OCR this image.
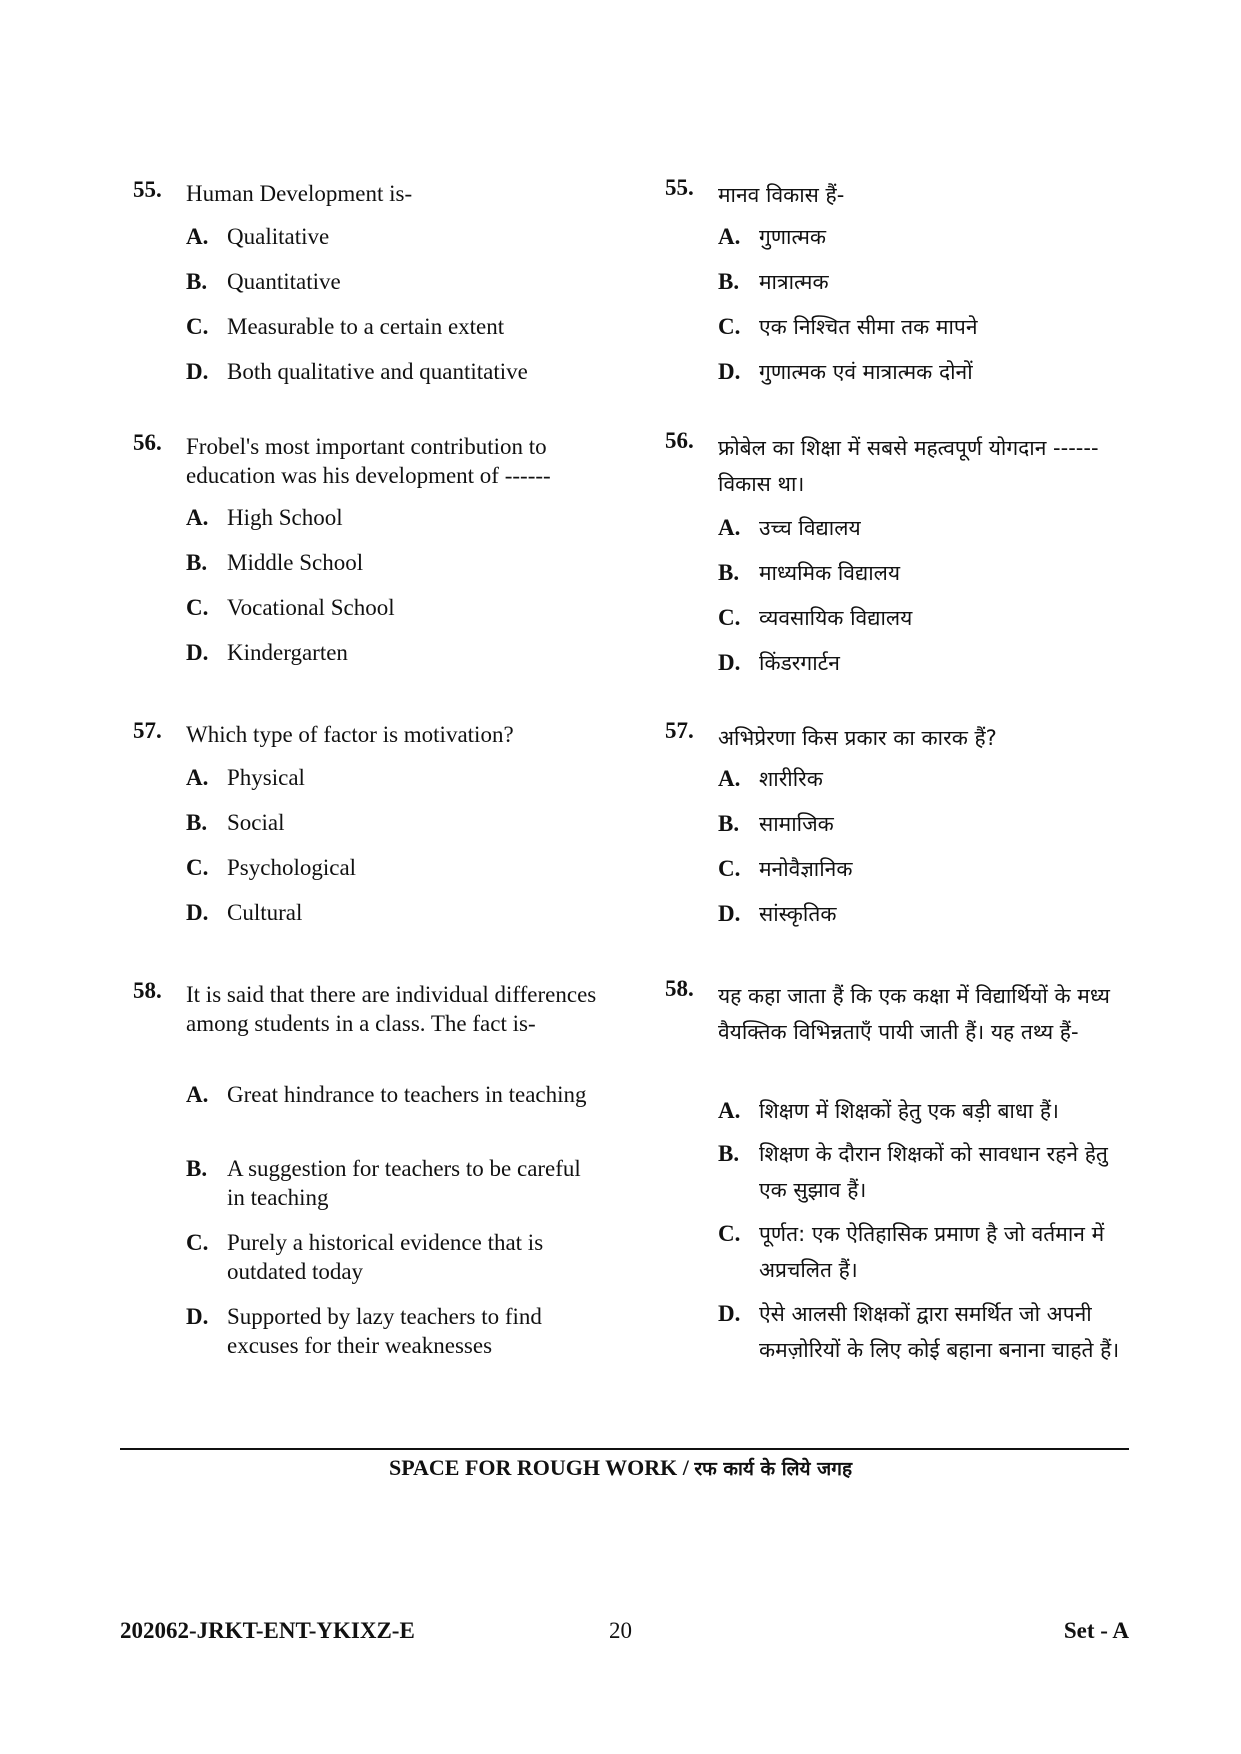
55. Human Development is-
A. Qualitative
B. Quantitative
C. Measurable to a certain extent
D. Both qualitative and quantitative
56. Frobel's most important contribution to education was his development of ------
A. High School
B. Middle School
C. Vocational School
D. Kindergarten
57. Which type of factor is motivation?
A. Physical
B. Social
C. Psychological
D. Cultural
58. It is said that there are individual differences among students in a class. The fact is-
A. Great hindrance to teachers in teaching
B. A suggestion for teachers to be careful in teaching
C. Purely a historical evidence that is outdated today
D. Supported by lazy teachers to find excuses for their weaknesses
55. मानव विकास हैं-
A. गुणात्मक
B. मात्रात्मक
C. एक निश्चित सीमा तक मापने
D. गुणात्मक एवं मात्रात्मक दोनों
56. फ्रोबेल का शिक्षा में सबसे महत्वपूर्ण योगदान ------ विकास था।
A. उच्च विद्यालय
B. माध्यमिक विद्यालय
C. व्यवसायिक विद्यालय
D. किंडरगार्टन
57. अभिप्रेरणा किस प्रकार का कारक हैं?
A. शारीरिक
B. सामाजिक
C. मनोवैज्ञानिक
D. सांस्कृतिक
58. यह कहा जाता हैं कि एक कक्षा में विद्यार्थियों के मध्य वैयक्तिक विभिन्नताएँ पायी जाती हैं। यह तथ्य हैं-
A. शिक्षण में शिक्षकों हेतु एक बड़ी बाधा हैं।
B. शिक्षण के दौरान शिक्षकों को सावधान रहने हेतु एक सुझाव हैं।
C. पूर्णत: एक ऐतिहासिक प्रमाण है जो वर्तमान में अप्रचलित हैं।
D. ऐसे आलसी शिक्षकों द्वारा समर्थित जो अपनी कमज़ोरियों के लिए कोई बहाना बनाना चाहते हैं।
SPACE FOR ROUGH WORK / रफ कार्य के लिये जगह
202062-JRKT-ENT-YKIXZ-E	20	Set - A
